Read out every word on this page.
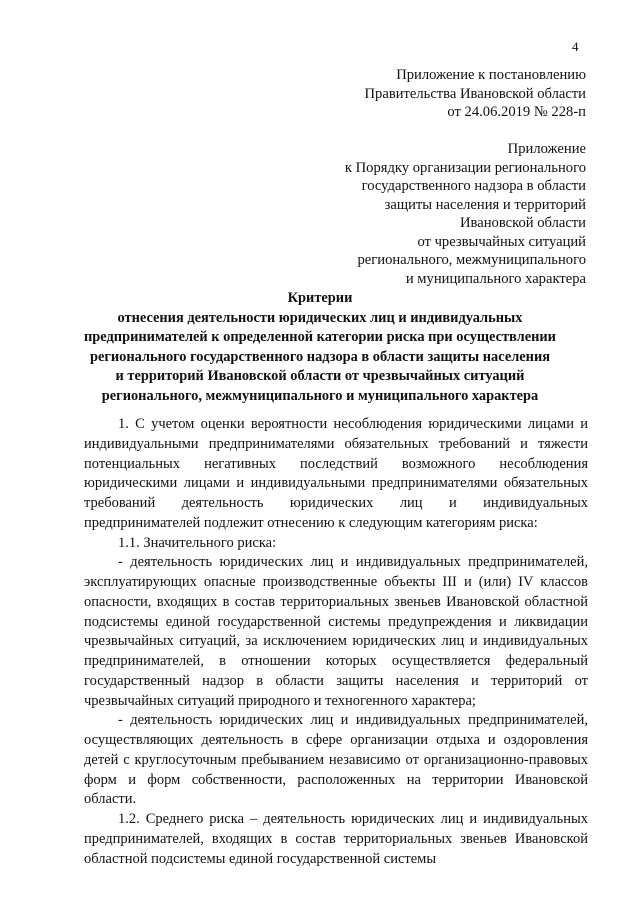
4
Приложение к постановлению
Правительства Ивановской области
от 24.06.2019 № 228-п
Приложение
к Порядку организации регионального
государственного надзора в области
защиты населения и территорий
Ивановской области
от чрезвычайных ситуаций
регионального, межмуниципального
и муниципального характера
Критерии
отнесения деятельности юридических лиц и индивидуальных
предпринимателей к определенной категории риска при осуществлении
регионального государственного надзора в области защиты населения
и территорий Ивановской области от чрезвычайных ситуаций
регионального, межмуниципального и муниципального характера

1. С учетом оценки вероятности несоблюдения юридическими лицами и индивидуальными предпринимателями обязательных требований и тяжести потенциальных негативных последствий возможного несоблюдения юридическими лицами и индивидуальными предпринимателями обязательных требований деятельность юридических лиц и индивидуальных предпринимателей подлежит отнесению к следующим категориям риска:

1.1. Значительного риска:

- деятельность юридических лиц и индивидуальных предпринимателей, эксплуатирующих опасные производственные объекты III и (или) IV классов опасности, входящих в состав территориальных звеньев Ивановской областной подсистемы единой государственной системы предупреждения и ликвидации чрезвычайных ситуаций, за исключением юридических лиц и индивидуальных предпринимателей, в отношении которых осуществляется федеральный государственный надзор в области защиты населения и территорий от чрезвычайных ситуаций природного и техногенного характера;

- деятельность юридических лиц и индивидуальных предпринимателей, осуществляющих деятельность в сфере организации отдыха и оздоровления детей с круглосуточным пребыванием независимо от организационно-правовых форм и форм собственности, расположенных на территории Ивановской области.

1.2. Среднего риска – деятельность юридических лиц и индивидуальных предпринимателей, входящих в состав территориальных звеньев Ивановской областной подсистемы единой государственной системы
